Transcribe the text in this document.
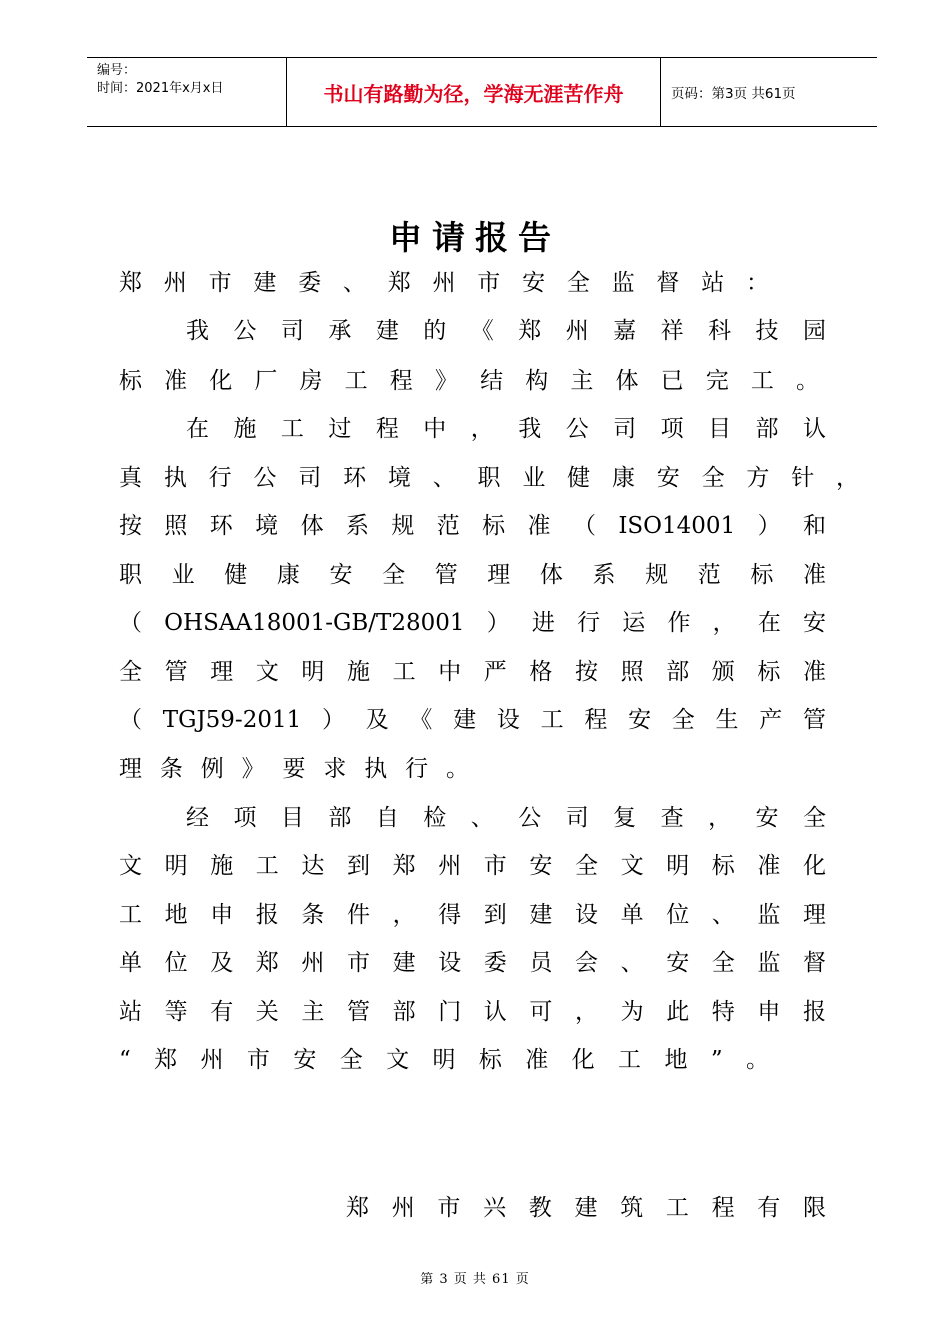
编号：
时间：2021年x月x日	书山有路勤为径，学海无涯苦作舟	页码：第3页 共61页
申请报告
郑州市建委、郑州市安全监督站：
我公司承建的《郑州嘉祥科技园
标准化厂房工程》结构主体已完工。
在施工过程中，我公司项目部认
真执行公司环境、职业健康安全方针，
按照环境体系规范标准（ISO14001）和
职业健康安全管理体系规范标准
（OHSAA18001-GB/T28001）进行运作，在安
全管理文明施工中严格按照部颁标准
（TGJ59-2011）及《建设工程安全生产管
理条例》要求执行。
经项目部自检、公司复查，安全
文明施工达到郑州市安全文明标准化
工地申报条件，得到建设单位、监理
单位及郑州市建设委员会、安全监督
站等有关主管部门认可，为此特申报
“郑州市安全文明标准化工地”。
郑州市兴教建筑工程有限
第 3 页 共 61 页
